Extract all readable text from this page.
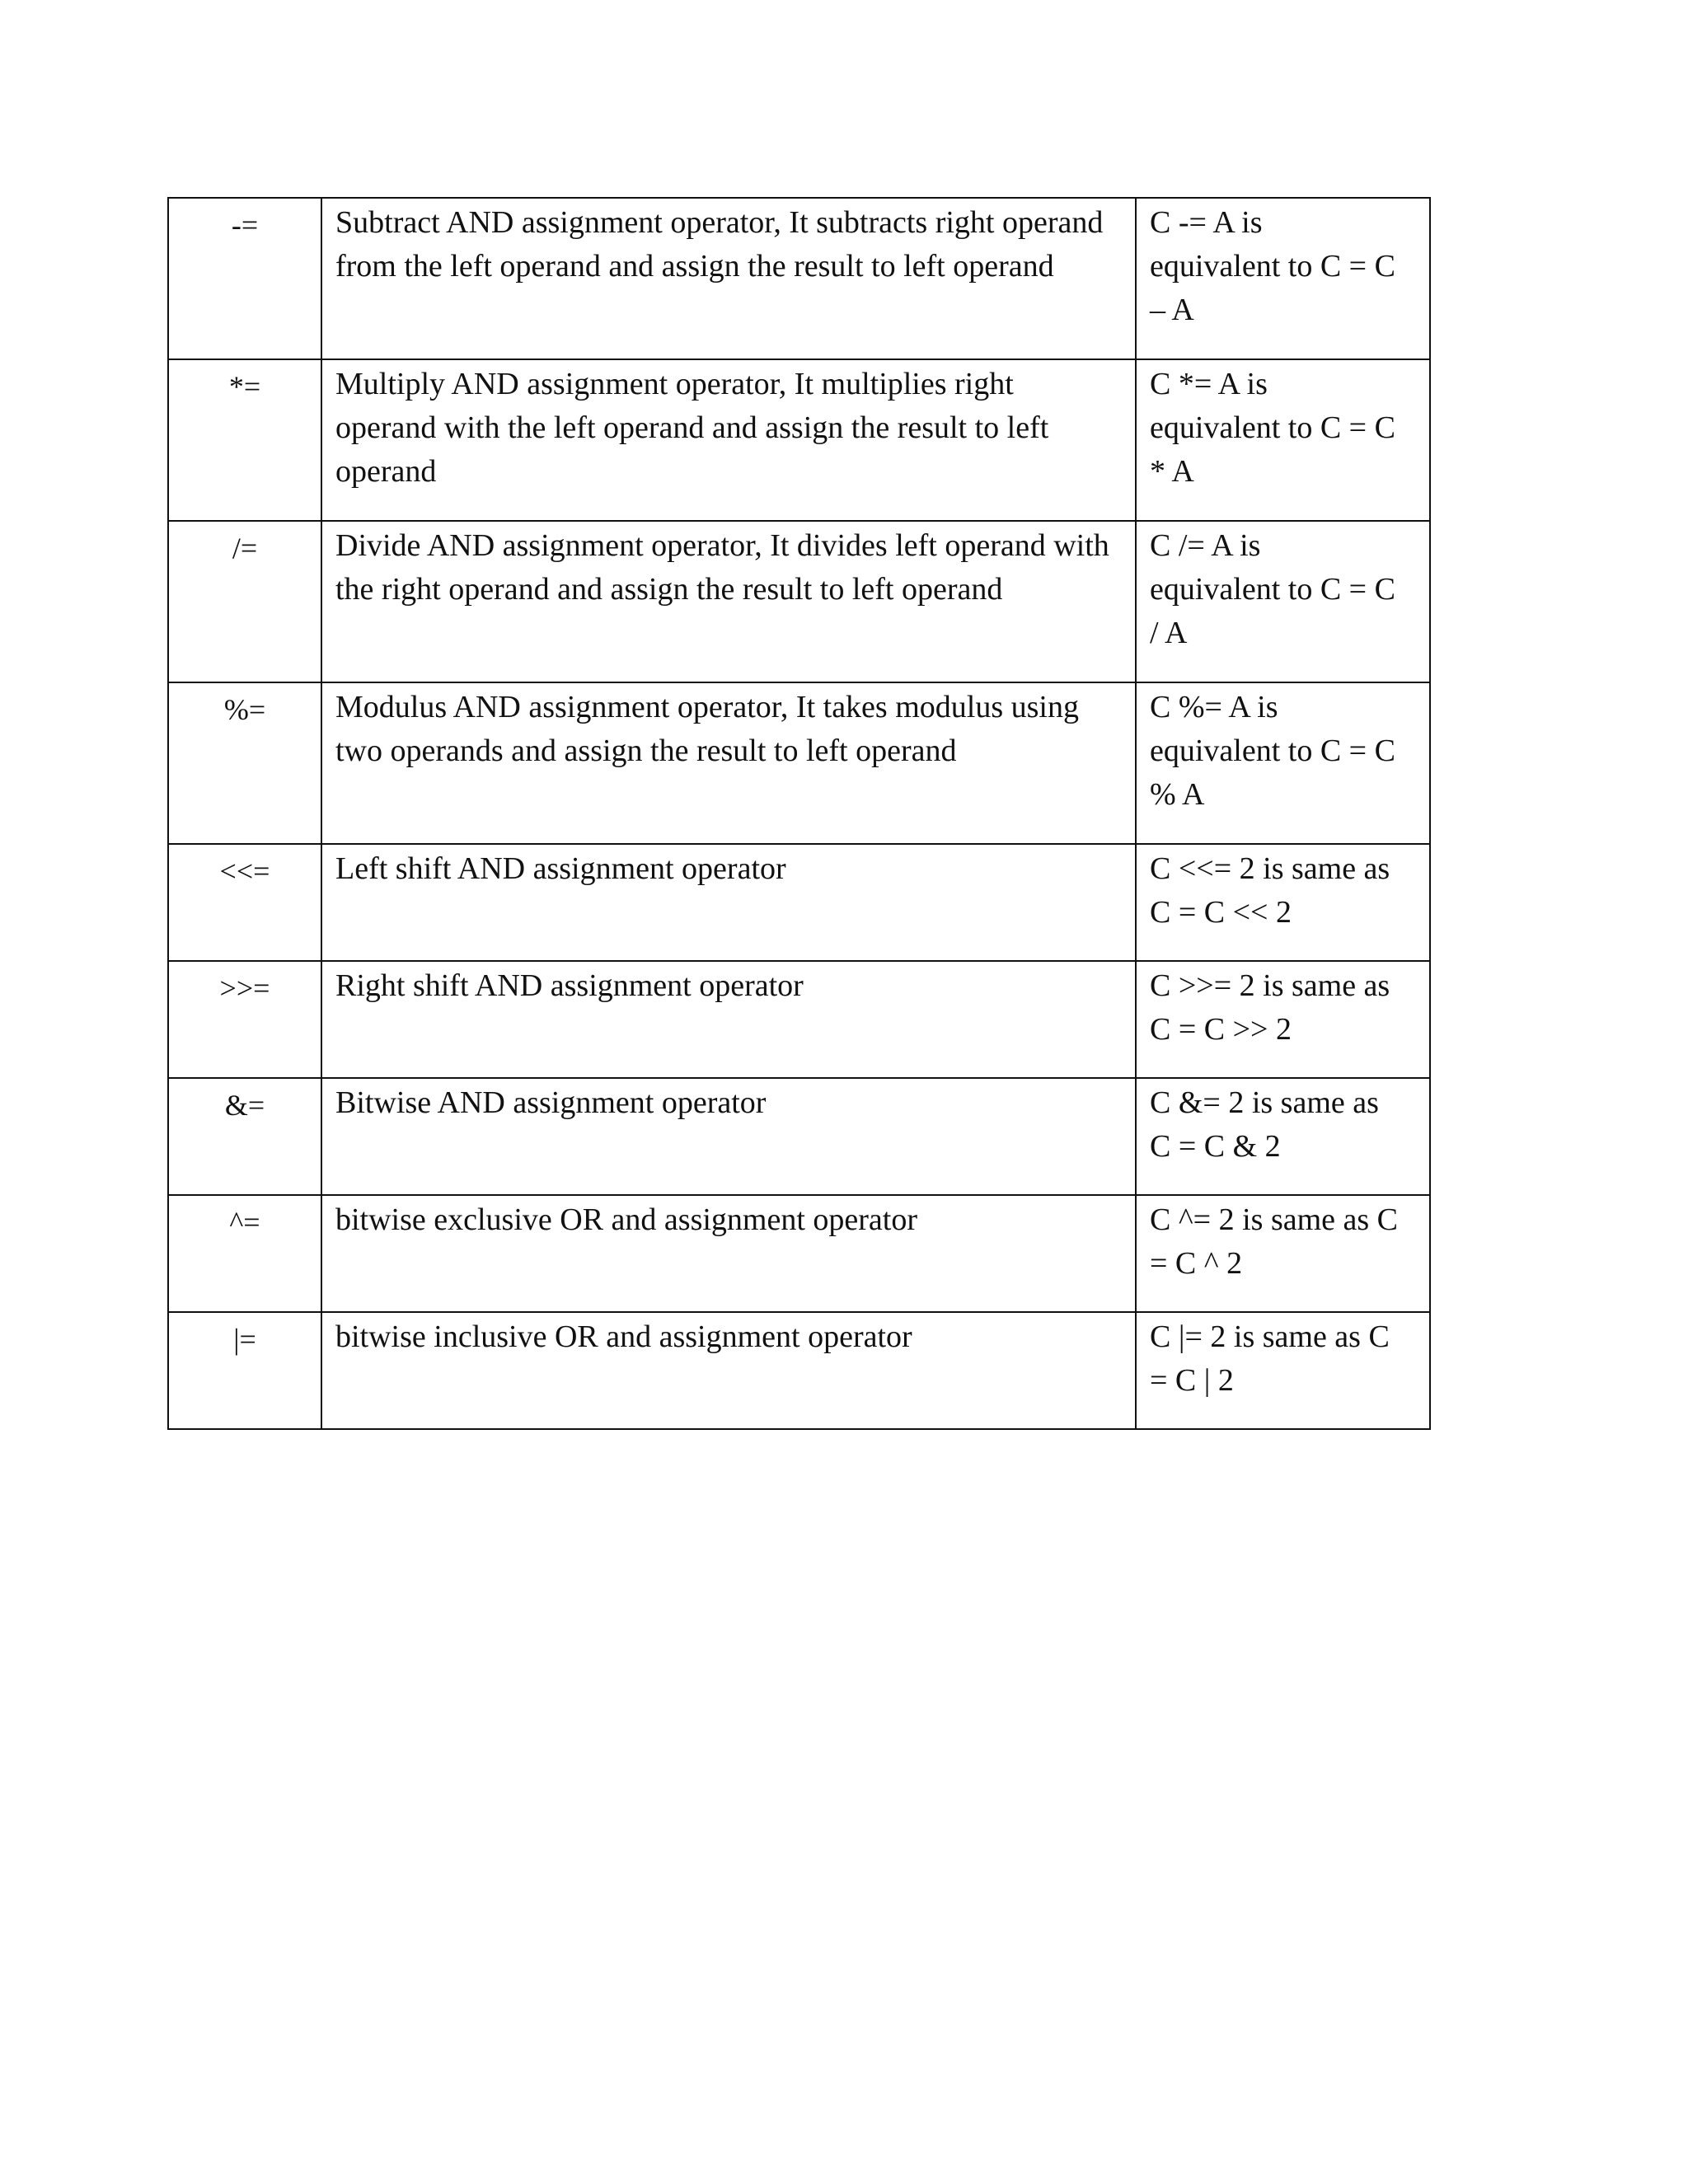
-=	Subtract AND assignment operator, It subtracts right operand from the left operand and assign the result to left operand	C -= A is
equivalent to C = C
– A

*=	Multiply AND assignment operator, It multiplies right operand with the left operand and assign the result to left operand	C *= A is
equivalent to C = C
* A

/=	Divide AND assignment operator, It divides left operand with the right operand and assign the result to left operand	C /= A is
equivalent to C = C
/ A

%=	Modulus AND assignment operator, It takes modulus using two operands and assign the result to left operand	C %= A is
equivalent to C = C
% A

<<=	Left shift AND assignment operator	C <<= 2 is same as
C = C << 2

>>=	Right shift AND assignment operator	C >>= 2 is same as
C = C >> 2

&=	Bitwise AND assignment operator	C &= 2 is same as
C = C & 2

^=	bitwise exclusive OR and assignment operator	C ^= 2 is same as C
= C ^ 2

|=	bitwise inclusive OR and assignment operator	C |= 2 is same as C
= C | 2
